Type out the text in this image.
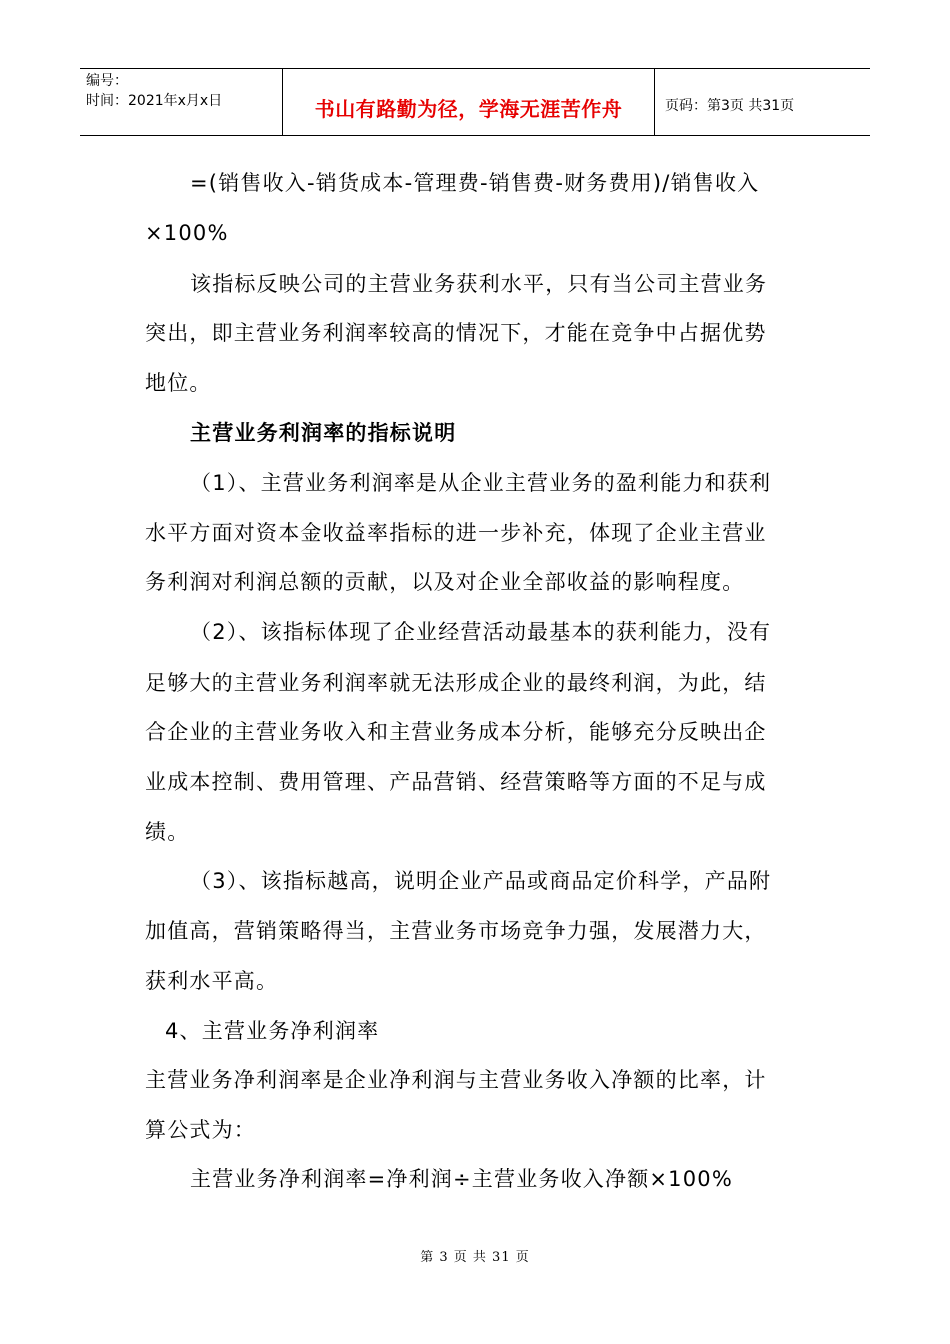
编号：
时间：2021年x月x日	书山有路勤为径，学海无涯苦作舟	页码：第3页 共31页
=(销售收入-销货成本-管理费-销售费-财务费用)/销售收入
×100%
该指标反映公司的主营业务获利水平，只有当公司主营业务
突出，即主营业务利润率较高的情况下，才能在竞争中占据优势
地位。
主营业务利润率的指标说明
（1）、主营业务利润率是从企业主营业务的盈利能力和获利
水平方面对资本金收益率指标的进一步补充，体现了企业主营业
务利润对利润总额的贡献，以及对企业全部收益的影响程度。
（2）、该指标体现了企业经营活动最基本的获利能力，没有
足够大的主营业务利润率就无法形成企业的最终利润，为此，结
合企业的主营业务收入和主营业务成本分析，能够充分反映出企
业成本控制、费用管理、产品营销、经营策略等方面的不足与成
绩。
（3）、该指标越高，说明企业产品或商品定价科学，产品附
加值高，营销策略得当，主营业务市场竞争力强，发展潜力大，
获利水平高。
4、主营业务净利润率
主营业务净利润率是企业净利润与主营业务收入净额的比率，计
算公式为：
主营业务净利润率=净利润÷主营业务收入净额×100%
第 3 页 共 31 页
